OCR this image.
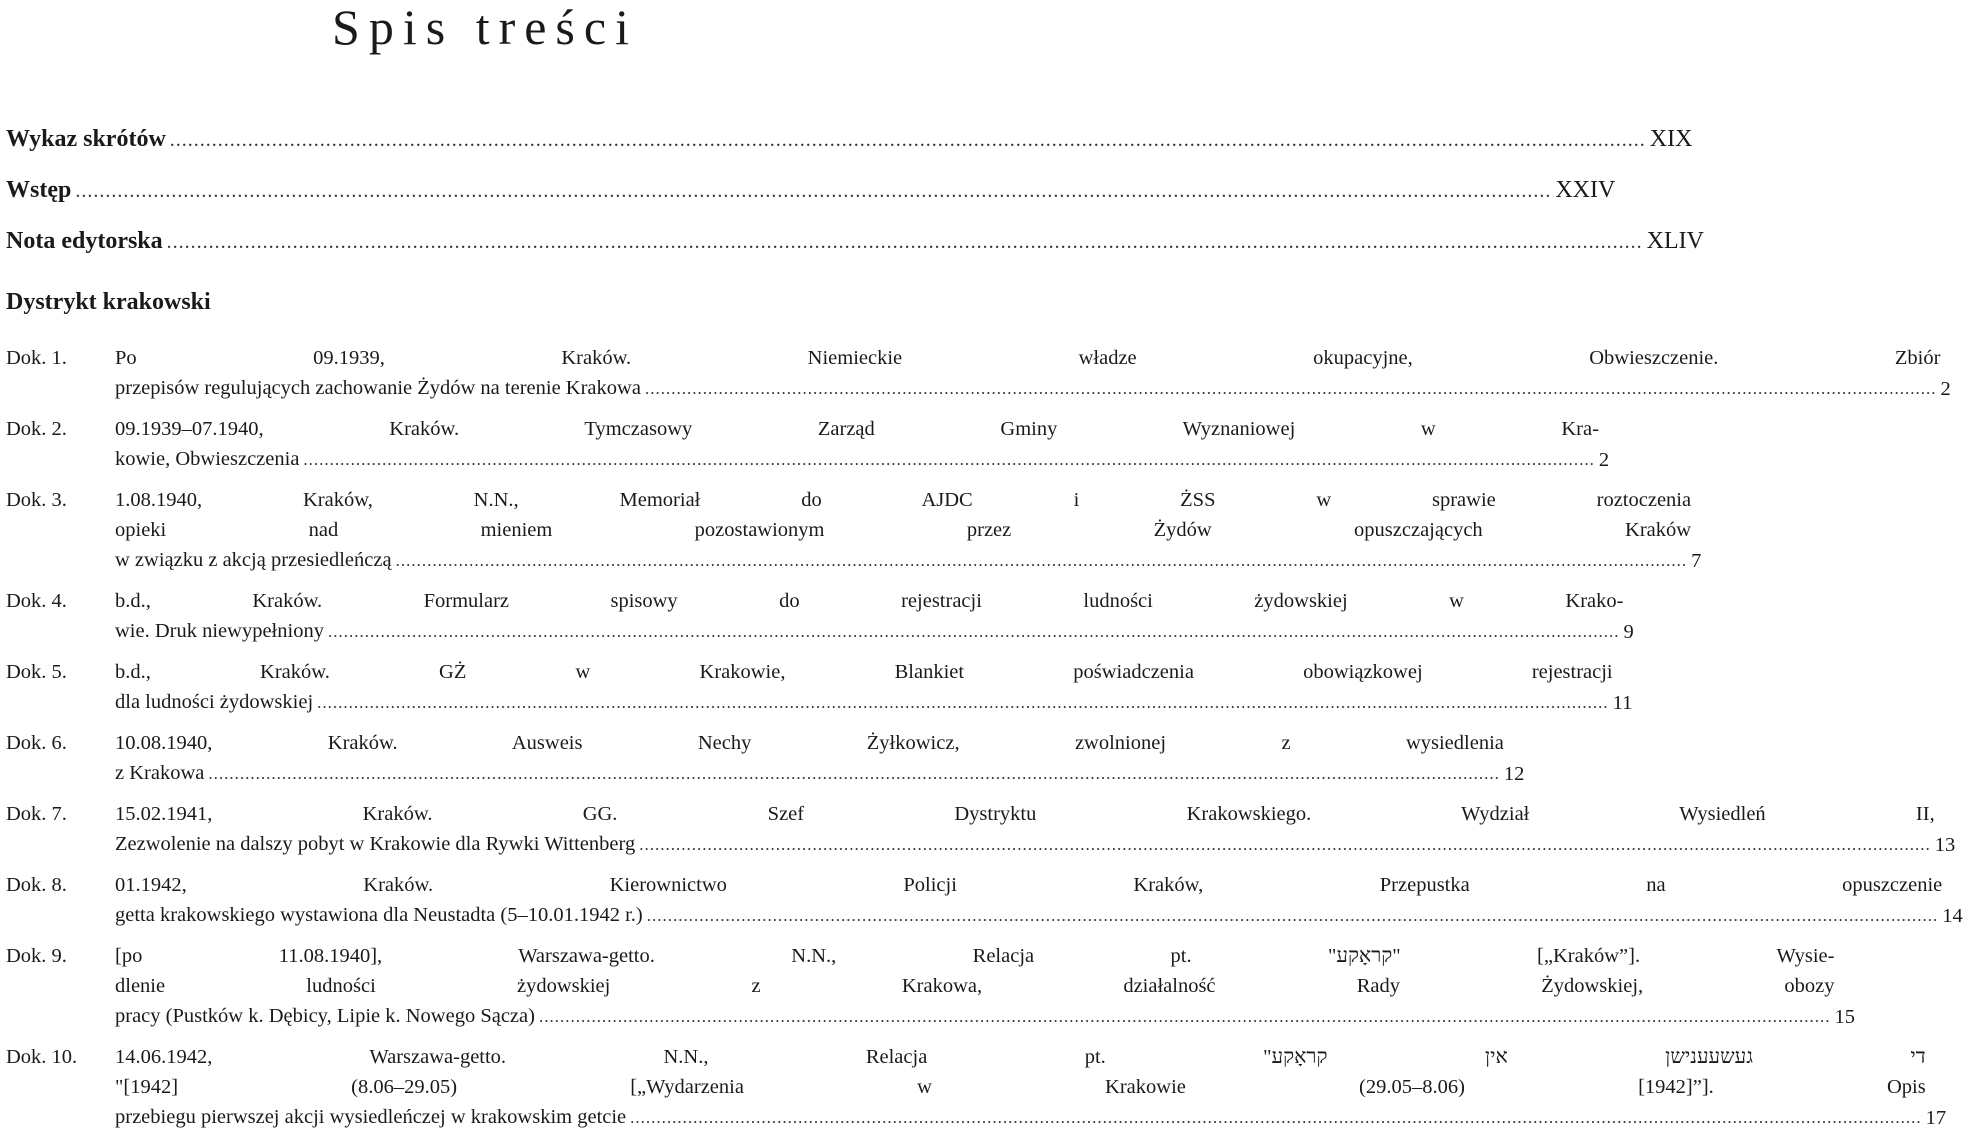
Spis treści
Wykaz skrótów .....	XIX
Wstęp .....	XXIV
Nota edytorska .....	XLIV
Dystrykt krakowski
Dok. 1.	Po 09.1939, Kraków. Niemieckie władze okupacyjne, Obwieszczenie. Zbiór
przepisów regulujących zachowanie Żydów na terenie Krakowa .....	2
Dok. 2.	09.1939–07.1940, Kraków. Tymczasowy Zarząd Gminy Wyznaniowej w Kra-
kowie, Obwieszczenia .....	2
Dok. 3.	1.08.1940, Kraków, N.N., Memoriał do AJDC i ŻSS w sprawie roztoczenia
opieki nad mieniem pozostawionym przez Żydów opuszczających Kraków
w związku z akcją przesiedleńczą .....	7
Dok. 4.	b.d., Kraków. Formularz spisowy do rejestracji ludności żydowskiej w Krako-
wie. Druk niewypełniony .....	9
Dok. 5.	b.d., Kraków. GŻ w Krakowie, Blankiet poświadczenia obowiązkowej rejestracji
dla ludności żydowskiej .....	11
Dok. 6.	10.08.1940, Kraków. Ausweis Nechy Żyłkowicz, zwolnionej z wysiedlenia
z Krakowa .....	12
Dok. 7.	15.02.1941, Kraków. GG. Szef Dystryktu Krakowskiego. Wydział Wysiedleń II,
Zezwolenie na dalszy pobyt w Krakowie dla Rywki Wittenberg .....	13
Dok. 8.	01.1942, Kraków. Kierownictwo Policji Kraków, Przepustka na opuszczenie
getta krakowskiego wystawiona dla Neustadta (5–10.01.1942 r.) .....	14
Dok. 9.	[po 11.08.1940], Warszawa-getto. N.N., Relacja pt. "קראָקע" [„Kraków”]. Wysie-
dlenie ludności żydowskiej z Krakowa, działalność Rady Żydowskiej, obozy
pracy (Pustków k. Dębicy, Lipie k. Nowego Sącza) .....	15
Dok. 10.	14.06.1942, Warszawa-getto. N.N., Relacja pt. "די געשעענישן אין קראָקע
"[1942] (8.06–29.05) [„Wydarzenia w Krakowie (29.05–8.06) [1942]”]. Opis
przebiegu pierwszej akcji wysiedleńczej w krakowskim getcie .....	17
